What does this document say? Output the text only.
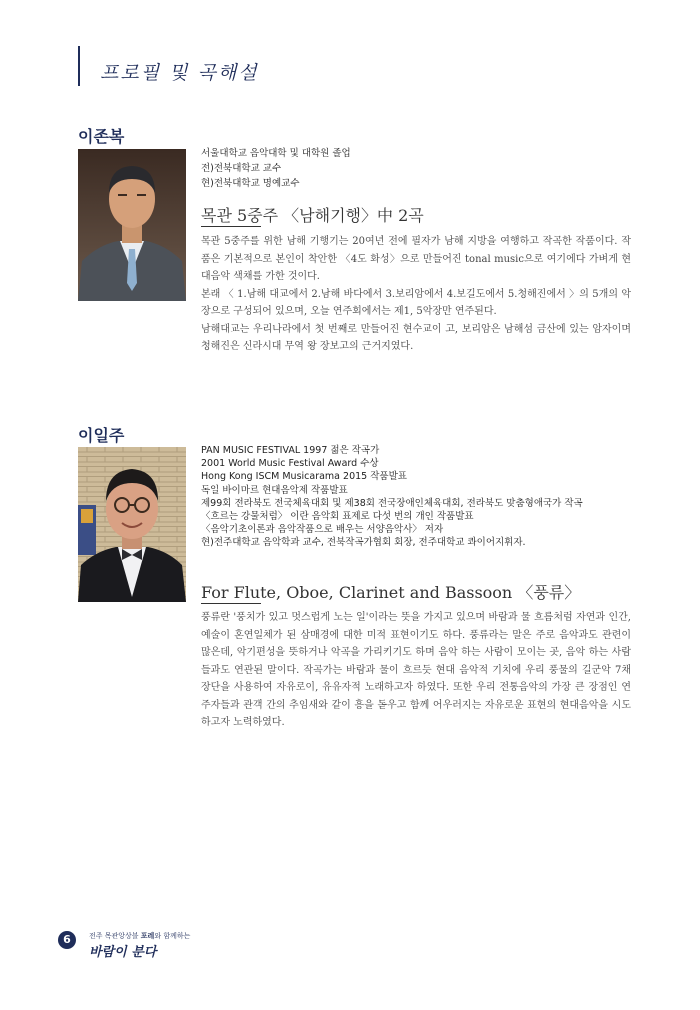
프로필 및 곡해설
이존복
서울대학교 음악대학 및 대학원 졸업
전)전북대학교 교수
현)전북대학교 명예교수
목관 5중주 〈남해기행〉中 2곡

목관 5중주를 위한 남해 기행기는 20여년 전에 필자가 남해 지방을 여행하고 작곡한 작품이다. 작품은 기본적으로 본인이 착안한 〈4도 화성〉으로 만들어진 tonal music으로 여기에다 가벼게 현대음악 색채를 가한 것이다.

본래 〈 1.남해 대교에서 2.남해 바다에서 3.보리암에서 4.보길도에서 5.청해진에서 〉의 5개의 악장으로 구성되어 있으며, 오늘 연주회에서는 제1, 5악장만 연주된다.

남해대교는 우리나라에서 첫 번째로 만들어진 현수교이 고, 보리암은 남해섬 금산에 있는 암자이며 청해진은 신라시대 무역 왕 장보고의 근거지였다.

이일주
PAN MUSIC FESTIVAL 1997 젊은 작곡가
2001 World Music Festival Award 수상
Hong Kong ISCM Musicarama 2015 작품발표
독일 바이마르 현대음악제 작품발표
제99회 전라북도 전국체육대회 및 제38회 전국장애인체육대회, 전라북도 맞춤형애국가 작곡
〈흐르는 강물처럼〉 이란 음악회 표제로 다섯 번의 개인 작품발표
〈음악기초이론과 음악작품으로 배우는 서양음악사〉 저자
현)전주대학교 음악학과 교수, 전북작곡가협회 회장, 전주대학교 콰이어지휘자.
For Flute, Oboe, Clarinet and Bassoon 〈풍류〉

풍류란 '풍치가 있고 멋스럽게 노는 일'이라는 뜻을 가지고 있으며 바람과 물 흐름처럼 자연과 인간, 예술이 혼연일체가 된 삼매경에 대한 미적 표현이기도 하다. 풍류라는 말은 주로 음악과도 관련이 많은데, 악기편성을 뜻하거나 악곡을 가리키기도 하며 음악 하는 사람이 모이는 곳, 음악 하는 사람들과도 연관된 말이다. 작곡가는 바람과 물이 흐르듯 현대 음악적 기치에 우리 풍물의 길군악 7채 장단을 사용하여 자유로이, 유유자적 노래하고자 하였다. 또한 우리 전통음악의 가장 큰 장점인 연주자들과 관객 간의 추임새와 같이 흥을 돋우고 함께 어우러지는 자유로운 표현의 현대음악을 시도하고자 노력하였다.

6	전주 목관앙상블 포레와 함께하는
바람이 분다
